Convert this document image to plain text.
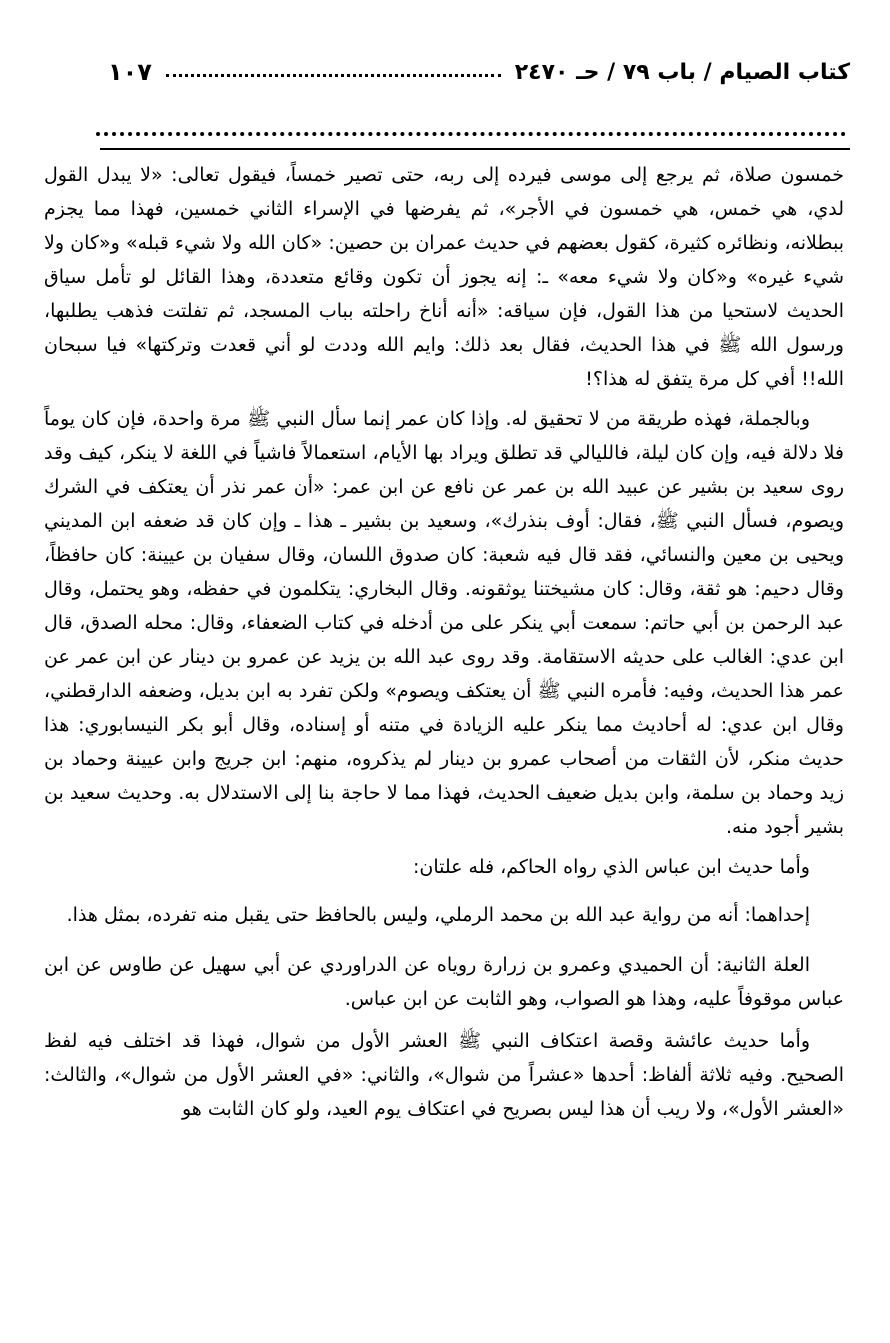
كتاب الصيام / باب ٧٩ / حـ ٢٤٧٠
١٠٧

خمسون صلاة، ثم يرجع إلى موسى فيرده إلى ربه، حتى تصير خمساً، فيقول تعالى: «لا يبدل القول لدي، هي خمس، هي خمسون في الأجر»، ثم يفرضها في الإسراء الثاني خمسين، فهذا مما يجزم ببطلانه، ونظائره كثيرة، كقول بعضهم في حديث عمران بن حصين: «كان الله ولا شيء قبله» و«كان ولا شيء غيره» و«كان ولا شيء معه» ـ: إنه يجوز أن تكون وقائع متعددة، وهذا القائل لو تأمل سياق الحديث لاستحيا من هذا القول، فإن سياقه: «أنه أناخ راحلته بباب المسجد، ثم تفلتت فذهب يطلبها، ورسول الله ﷺ في هذا الحديث، فقال بعد ذلك: وايم الله وددت لو أني قعدت وتركتها» فيا سبحان الله!! أفي كل مرة يتفق له هذا؟!

وبالجملة، فهذه طريقة من لا تحقيق له. وإذا كان عمر إنما سأل النبي ﷺ مرة واحدة، فإن كان يوماً فلا دلالة فيه، وإن كان ليلة، فالليالي قد تطلق ويراد بها الأيام، استعمالاً فاشياً في اللغة لا ينكر، كيف وقد روى سعيد بن بشير عن عبيد الله بن عمر عن نافع عن ابن عمر: «أن عمر نذر أن يعتكف في الشرك ويصوم، فسأل النبي ﷺ، فقال: أوف بنذرك»، وسعيد بن بشير ـ هذا ـ وإن كان قد ضعفه ابن المديني ويحيى بن معين والنسائي، فقد قال فيه شعبة: كان صدوق اللسان، وقال سفيان بن عيينة: كان حافظاً، وقال دحيم: هو ثقة، وقال: كان مشيختنا يوثقونه. وقال البخاري: يتكلمون في حفظه، وهو يحتمل، وقال عبد الرحمن بن أبي حاتم: سمعت أبي ينكر على من أدخله في كتاب الضعفاء، وقال: محله الصدق، قال ابن عدي: الغالب على حديثه الاستقامة. وقد روى عبد الله بن يزيد عن عمرو بن دينار عن ابن عمر عن عمر هذا الحديث، وفيه: فأمره النبي ﷺ أن يعتكف ويصوم» ولكن تفرد به ابن بديل، وضعفه الدارقطني، وقال ابن عدي: له أحاديث مما ينكر عليه الزيادة في متنه أو إسناده، وقال أبو بكر النيسابوري: هذا حديث منكر، لأن الثقات من أصحاب عمرو بن دينار لم يذكروه، منهم: ابن جريج وابن عيينة وحماد بن زيد وحماد بن سلمة، وابن بديل ضعيف الحديث، فهذا مما لا حاجة بنا إلى الاستدلال به. وحديث سعيد بن بشير أجود منه.

وأما حديث ابن عباس الذي رواه الحاكم، فله علتان:

إحداهما: أنه من رواية عبد الله بن محمد الرملي، وليس بالحافظ حتى يقبل منه تفرده، بمثل هذا.

العلة الثانية: أن الحميدي وعمرو بن زرارة روياه عن الدراوردي عن أبي سهيل عن طاوس عن ابن عباس موقوفاً عليه، وهذا هو الصواب، وهو الثابت عن ابن عباس.

وأما حديث عائشة وقصة اعتكاف النبي ﷺ العشر الأول من شوال، فهذا قد اختلف فيه لفظ الصحيح. وفيه ثلاثة ألفاظ: أحدها «عشراً من شوال»، والثاني: «في العشر الأول من شوال»، والثالث: «العشر الأول»، ولا ريب أن هذا ليس بصريح في اعتكاف يوم العيد، ولو كان الثابت هو
